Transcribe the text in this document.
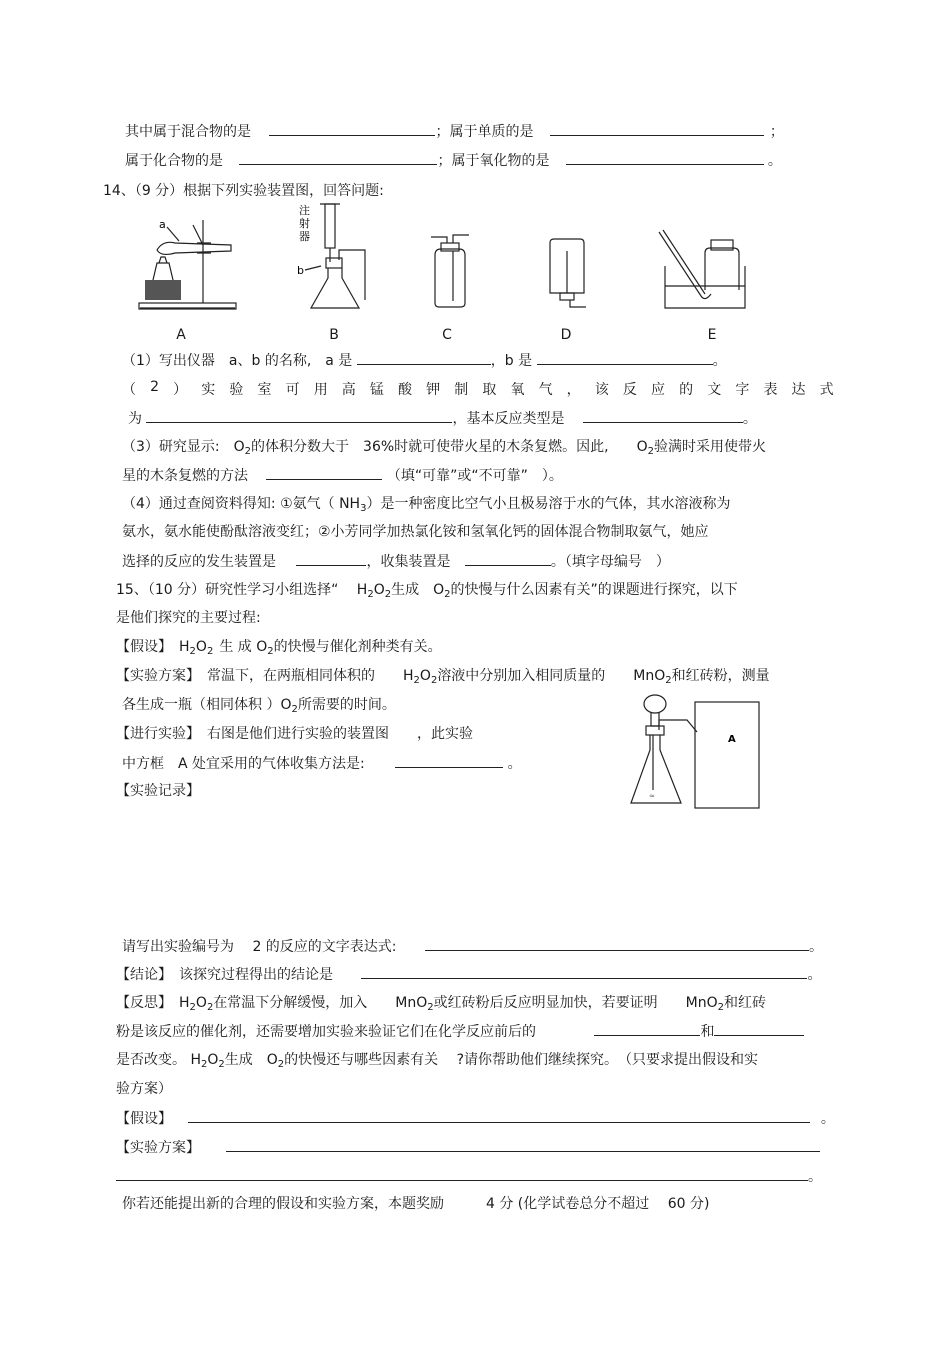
其中属于混合物的是	；属于单质的是	；
属于化合物的是	；属于氧化物的是	。
14、（9 分）根据下列实验装置图，回答问题:
a
注
射
器
b
A	B	C	D	E
（1）写出仪器　a、b 的名称,　a 是	，b 是	。
（ 2 ） 实 验 室 可 用 高 锰 酸 钾 制 取 氧 气 ， 该 反 应 的 文 字 表 达 式
为	，基本反应类型是	。
（3）研究显示:　$O_2$的体积分数大于　36%时就可使带火星的木条复燃。因此,　　$O_2$验满时采用使带火
星的木条复燃的方法	（填“可靠”或“不可靠”　）。
（4）通过查阅资料得知: ①氨气（ $NH_3$）是一种密度比空气小且极易溶于水的气体，其水溶液称为
氨水，氨水能使酚酞溶液变红；②小芳同学加热氯化铵和氢氧化钙的固体混合物制取氨气，她应
选择的反应的发生装置是	，收集装置是	。（填字母编号　）
15、（10 分）研究性学习小组选择“　 $H_2O_2$生成　$O_2$的快慢与什么因素有关”的课题进行探究，以下
是他们探究的主要过程:
【假设】　$H_2O_2$ 生 成 $O_2$的快慢与催化剂种类有关。
【实验方案】　常温下，在两瓶相同体积的　　$H_2O_2$溶液中分别加入相同质量的　　MnO$_2$和红砖粉，测量
各生成一瓶（相同体积 ）$O_2$所需要的时间。
【进行实验】　右图是他们进行实验的装置图　　，此实验
中方框　A 处宜采用的气体收集方法是:	。
【实验记录】
A
≈
请写出实验编号为　 2 的反应的文字表达式:	。
【结论】　该探究过程得出的结论是	。
【反思】　$H_2O_2$在常温下分解缓慢，加入　　MnO$_2$或红砖粉后反应明显加快，若要证明　　MnO$_2$和红砖
粉是该反应的催化剂，还需要增加实验来验证它们在化学反应前后的	和
是否改变。 $H_2O_2$生成　$O_2$的快慢还与哪些因素有关　 ?请你帮助他们继续探究。　（只要求提出假设和实
验方案）
【假设】	。
【实验方案】
。
你若还能提出新的合理的假设和实验方案，本题奖励　　　4 分 (化学试卷总分不超过　 60 分)
